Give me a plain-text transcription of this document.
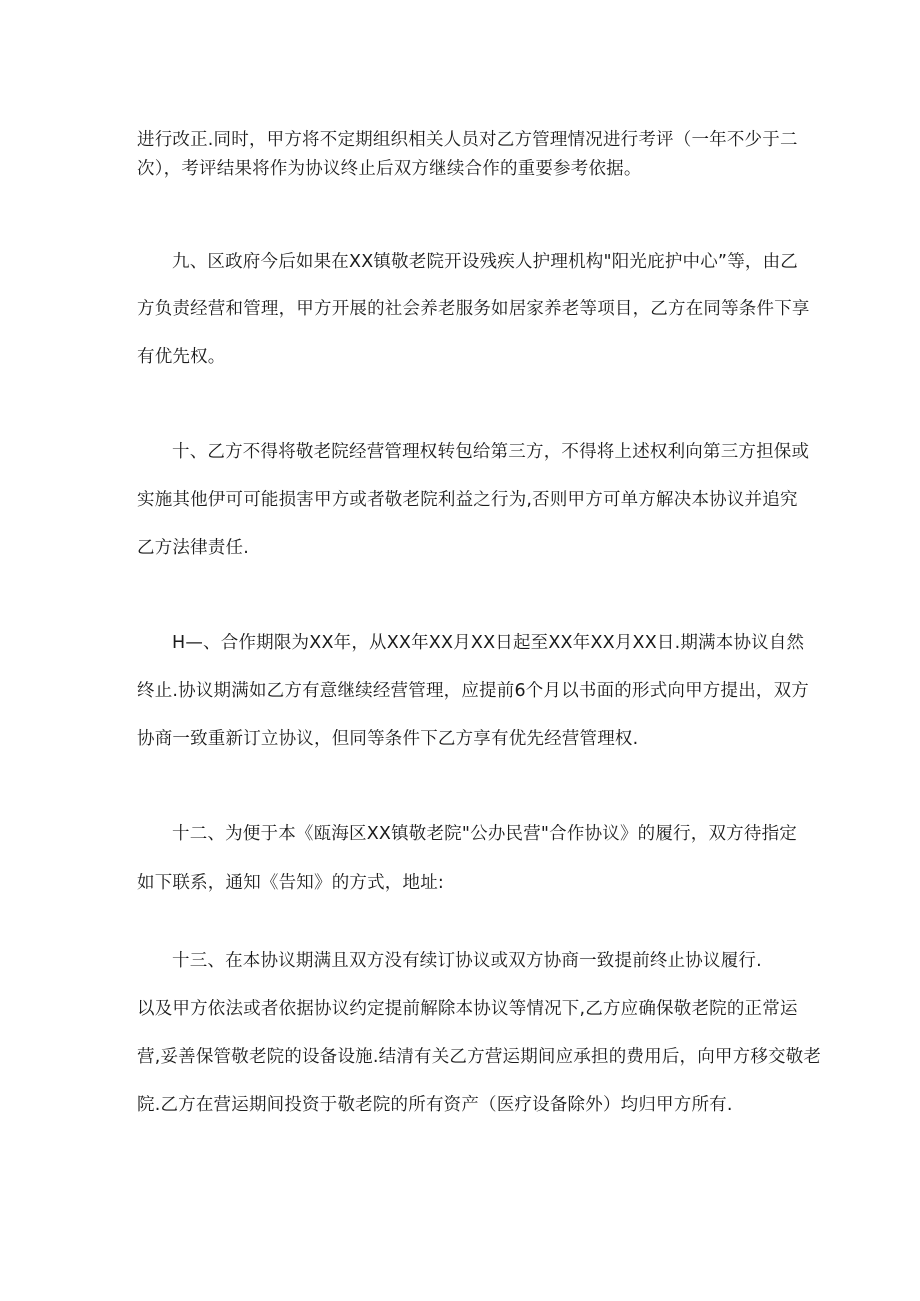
进行改正.同时，甲方将不定期组织相关人员对乙方管理情况进行考评（一年不少于二
次），考评结果将作为协议终止后双方继续合作的重要参考依据。
九、区政府今后如果在XX镇敬老院开设残疾人护理机构"阳光庇护中心”等，由乙
方负责经营和管理，甲方开展的社会养老服务如居家养老等项目，乙方在同等条件下享
有优先权。
十、乙方不得将敬老院经营管理权转包给第三方，不得将上述权利向第三方担保或
实施其他伊可可能损害甲方或者敬老院利益之行为,否则甲方可单方解决本协议并追究
乙方法律责任.
H—、合作期限为XX年，从XX年XX月XX日起至XX年XX月XX日.期满本协议自然
终止.协议期满如乙方有意继续经营管理，应提前6个月以书面的形式向甲方提出，双方
协商一致重新订立协议，但同等条件下乙方享有优先经营管理权.
十二、为便于本《瓯海区XX镇敬老院"公办民营"合作协议》的履行，双方待指定
如下联系，通知《告知》的方式，地址:
十三、在本协议期满且双方没有续订协议或双方协商一致提前终止协议履行.
以及甲方依法或者依据协议约定提前解除本协议等情况下,乙方应确保敬老院的正常运
营,妥善保管敬老院的设备设施.结清有关乙方营运期间应承担的费用后，向甲方移交敬老
院.乙方在营运期间投资于敬老院的所有资产（医疗设备除外）均归甲方所有.
